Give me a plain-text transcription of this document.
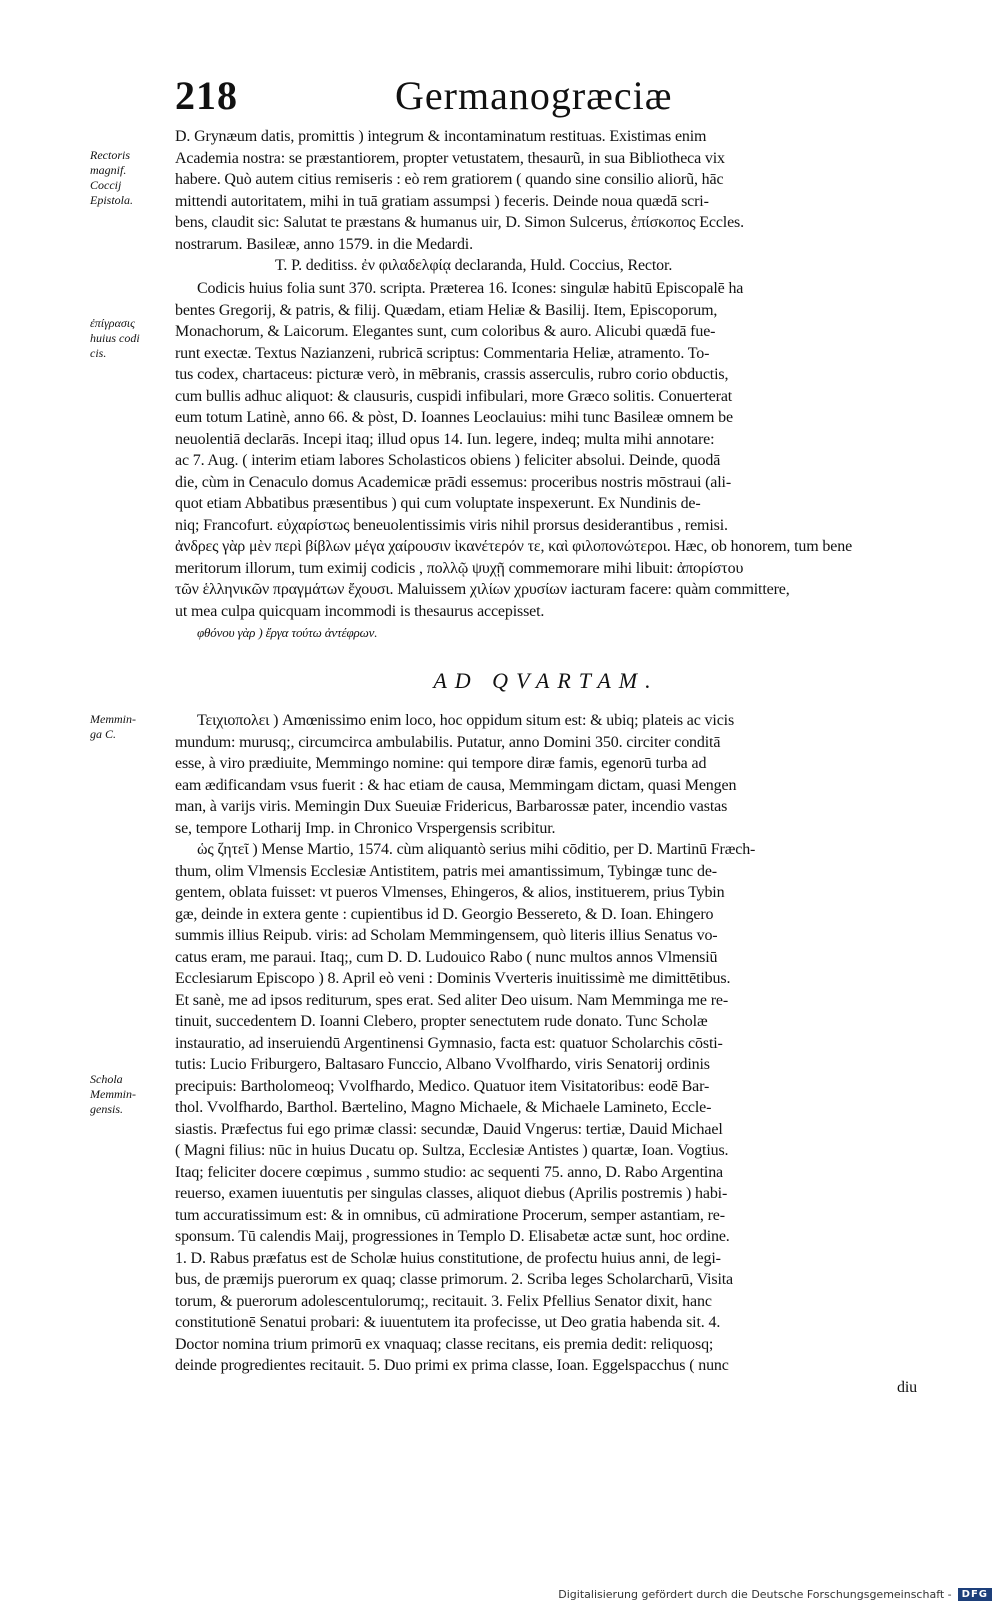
218	Germanogræciæ
Rectoris
magnif.
Coccij
Epistola.
ἐπίγρασις
huius codi
cis.
Memmin-
ga C.
Schola
Memmin-
gensis.
D. Grynæum datis, promittis ) integrum & incontaminatum restituas. Existimas enim
Academia nostra: se præstantiorem, propter vetustatem, thesaurũ, in sua Bibliotheca vix
habere. Quò autem citius remiseris : eò rem gratiorem ( quando sine consilio aliorũ, hāc
mittendi autoritatem, mihi in tuā gratiam assumpsi ) feceris. Deinde noua quædā scri-
bens, claudit sic: Salutat te præstans & humanus uir, D. Simon Sulcerus, ἐπίσκοπος Eccles.
nostrarum. Basileæ, anno 1579. in die Medardi.
T. P. deditiss. ἐν φιλαδελφίᾳ declaranda, Huld. Coccius, Rector.
Codicis huius folia sunt 370. scripta. Præterea 16. Icones: singulæ habitū Episcopalē ha
bentes Gregorij, & patris, & filij. Quædam, etiam Heliæ & Basilij. Item, Episcoporum,
Monachorum, & Laicorum. Elegantes sunt, cum coloribus & auro. Alicubi quædā fue-
runt exectæ. Textus Nazianzeni, rubricā scriptus: Commentaria Heliæ, atramento. To-
tus codex, chartaceus: picturæ verò, in mēbranis, crassis asserculis, rubro corio obductis,
cum bullis adhuc aliquot: & clausuris, cuspidi infibulari, more Græco solitis. Conuerterat
eum totum Latinè, anno 66. & pòst, D. Ioannes Leoclauius: mihi tunc Basileæ omnem be
neuolentiā declarās. Incepi itaq; illud opus 14. Iun. legere, indeq; multa mihi annotare:
ac 7. Aug. ( interim etiam labores Scholasticos obiens ) feliciter absolui. Deinde, quodā
die, cùm in Cenaculo domus Academicæ prādi essemus: proceribus nostris mōstraui (ali-
quot etiam Abbatibus præsentibus ) qui cum voluptate inspexerunt. Ex Nundinis de-
niq; Francofurt. εὐχαρίστως beneuolentissimis viris nihil prorsus desiderantibus , remisi.
ἀνδρες γὰρ μὲν περὶ βίβλων μέγα χαίρουσιν ἰκανέτερόν τε, καὶ φιλοπονώτεροι. Hæc, ob honorem, tum bene
meritorum illorum, tum eximij codicis , πολλῷ ψυχῇ commemorare mihi libuit: ἀπορίστου
τῶν ἑλληνικῶν πραγμάτων ἔχουσι. Maluissem χιλίων χρυσίων iacturam facere: quàm committere,
ut mea culpa quicquam incommodi is thesaurus accepisset.
φθόνου γὰρ ) ἔργα τούτω ἀντέφρων.
AD QVARTAM.
Τειχιοπολει ) Amœnissimo enim loco, hoc oppidum situm est: & ubiq; plateis ac vicis
mundum: murusq;, circumcirca ambulabilis. Putatur, anno Domini 350. circiter conditā
esse, à viro prædiuite, Memmingo nomine: qui tempore diræ famis, egenorū turba ad
eam ædificandam vsus fuerit : & hac etiam de causa, Memmingam dictam, quasi Mengen
man, à varijs viris. Memingin Dux Sueuiæ Fridericus, Barbarossæ pater, incendio vastas
se, tempore Lotharij Imp. in Chronico Vrspergensis scribitur.
ὡς ζητεῖ ) Mense Martio, 1574. cùm aliquantò serius mihi cōditio, per D. Martinū Fræch-
thum, olim Vlmensis Ecclesiæ Antistitem, patris mei amantissimum, Tybingæ tunc de-
gentem, oblata fuisset: vt pueros Vlmenses, Ehingeros, & alios, instituerem, prius Tybin
gæ, deinde in extera gente : cupientibus id D. Georgio Bessereto, & D. Ioan. Ehingero
summis illius Reipub. viris: ad Scholam Memmingensem, quò literis illius Senatus vo-
catus eram, me paraui. Itaq;, cum D. D. Ludouico Rabo ( nunc multos annos Vlmensiū
Ecclesiarum Episcopo ) 8. April eò veni : Dominis Vverteris inuitissimè me dimittētibus.
Et sanè, me ad ipsos rediturum, spes erat. Sed aliter Deo uisum. Nam Memminga me re-
tinuit, succedentem D. Ioanni Clebero, propter senectutem rude donato. Tunc Scholæ
instauratio, ad inseruiendū Argentinensi Gymnasio, facta est: quatuor Scholarchis cōsti-
tutis: Lucio Friburgero, Baltasaro Funccio, Albano Vvolfhardo, viris Senatorij ordinis
precipuis: Bartholomeoq; Vvolfhardo, Medico. Quatuor item Visitatoribus: eodē Bar-
thol. Vvolfhardo, Barthol. Bærtelino, Magno Michaele, & Michaele Lamineto, Eccle-
siastis. Præfectus fui ego primæ classi: secundæ, Dauid Vngerus: tertiæ, Dauid Michael
( Magni filius: nūc in huius Ducatu op. Sultza, Ecclesiæ Antistes ) quartæ, Ioan. Vogtius.
Itaq; feliciter docere cœpimus , summo studio: ac sequenti 75. anno, D. Rabo Argentina
reuerso, examen iuuentutis per singulas classes, aliquot diebus (Aprilis postremis ) habi-
tum accuratissimum est: & in omnibus, cū admiratione Procerum, semper astantiam, re-
sponsum. Tū calendis Maij, progressiones in Templo D. Elisabetæ actæ sunt, hoc ordine.
1. D. Rabus præfatus est de Scholæ huius constitutione, de profectu huius anni, de legi-
bus, de præmijs puerorum ex quaq; classe primorum. 2. Scriba leges Scholarcharū, Visita
torum, & puerorum adolescentulorumq;, recitauit. 3. Felix Pfellius Senator dixit, hanc
constitutionē Senatui probari: & iuuentutem ita profecisse, ut Deo gratia habenda sit. 4.
Doctor nomina trium primorū ex vnaquaq; classe recitans, eis premia dedit: reliquosq;
deinde progredientes recitauit. 5. Duo primi ex prima classe, Ioan. Eggelspacchus ( nunc
diu
Digitalisierung gefördert durch die Deutsche Forschungsgemeinschaft -	DFG
